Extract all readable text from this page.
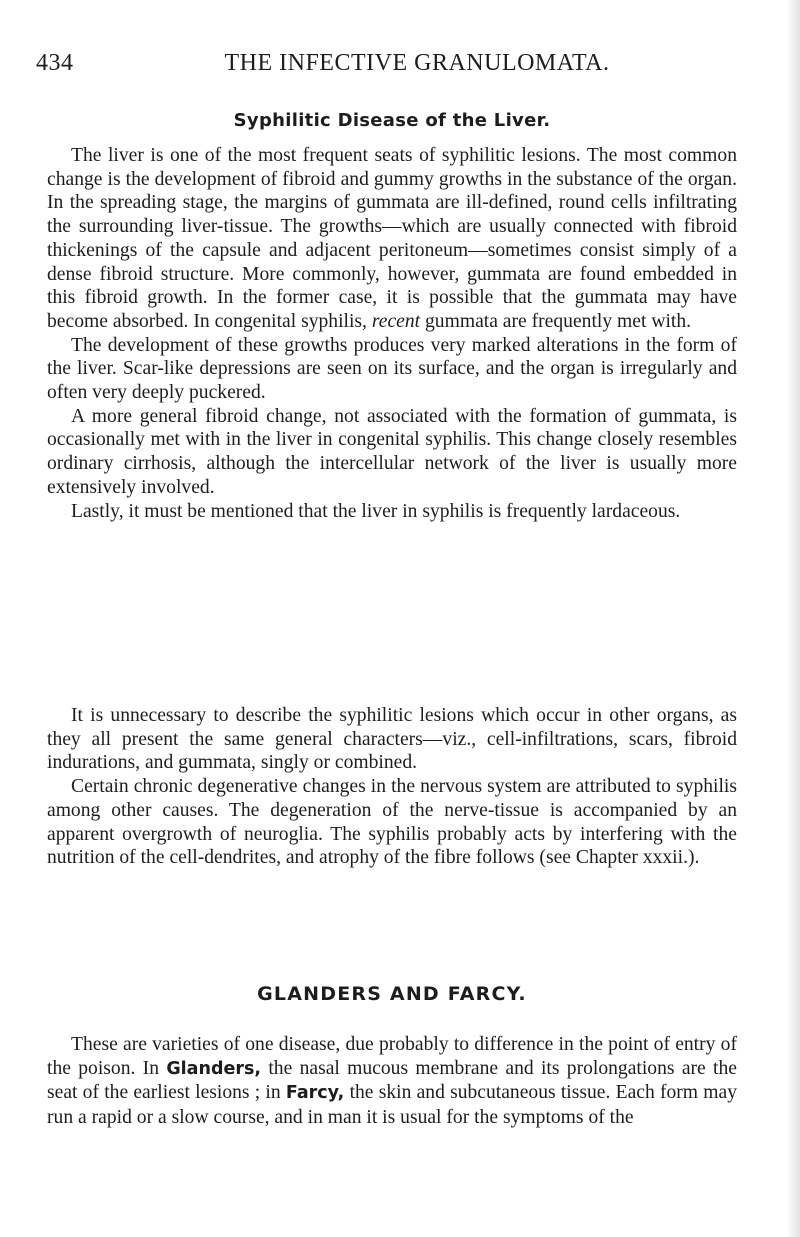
434	THE INFECTIVE GRANULOMATA.
Syphilitic Disease of the Liver.

The liver is one of the most frequent seats of syphilitic lesions. The most common change is the development of fibroid and gummy growths in the substance of the organ. In the spreading stage, the margins of gummata are ill-defined, round cells infiltrating the surrounding liver-tissue. The growths—which are usually connected with fibroid thickenings of the capsule and adjacent peritoneum—sometimes consist simply of a dense fibroid structure. More commonly, however, gummata are found embedded in this fibroid growth. In the former case, it is possible that the gummata may have become absorbed. In congenital syphilis, recent gummata are frequently met with.

The development of these growths produces very marked alterations in the form of the liver. Scar-like depressions are seen on its surface, and the organ is irregularly and often very deeply puckered.

A more general fibroid change, not associated with the formation of gummata, is occasionally met with in the liver in congenital syphilis. This change closely resembles ordinary cirrhosis, although the intercellular network of the liver is usually more extensively involved.

Lastly, it must be mentioned that the liver in syphilis is frequently lardaceous.

It is unnecessary to describe the syphilitic lesions which occur in other organs, as they all present the same general characters—viz., cell-infiltrations, scars, fibroid indurations, and gummata, singly or combined.

Certain chronic degenerative changes in the nervous system are attributed to syphilis among other causes. The degeneration of the nerve-tissue is accompanied by an apparent overgrowth of neuroglia. The syphilis probably acts by interfering with the nutrition of the cell-dendrites, and atrophy of the fibre follows (see Chapter xxxii.).

GLANDERS AND FARCY.

These are varieties of one disease, due probably to difference in the point of entry of the poison. In Glanders, the nasal mucous membrane and its prolongations are the seat of the earliest lesions ; in Farcy, the skin and subcutaneous tissue. Each form may run a rapid or a slow course, and in man it is usual for the symptoms of the
